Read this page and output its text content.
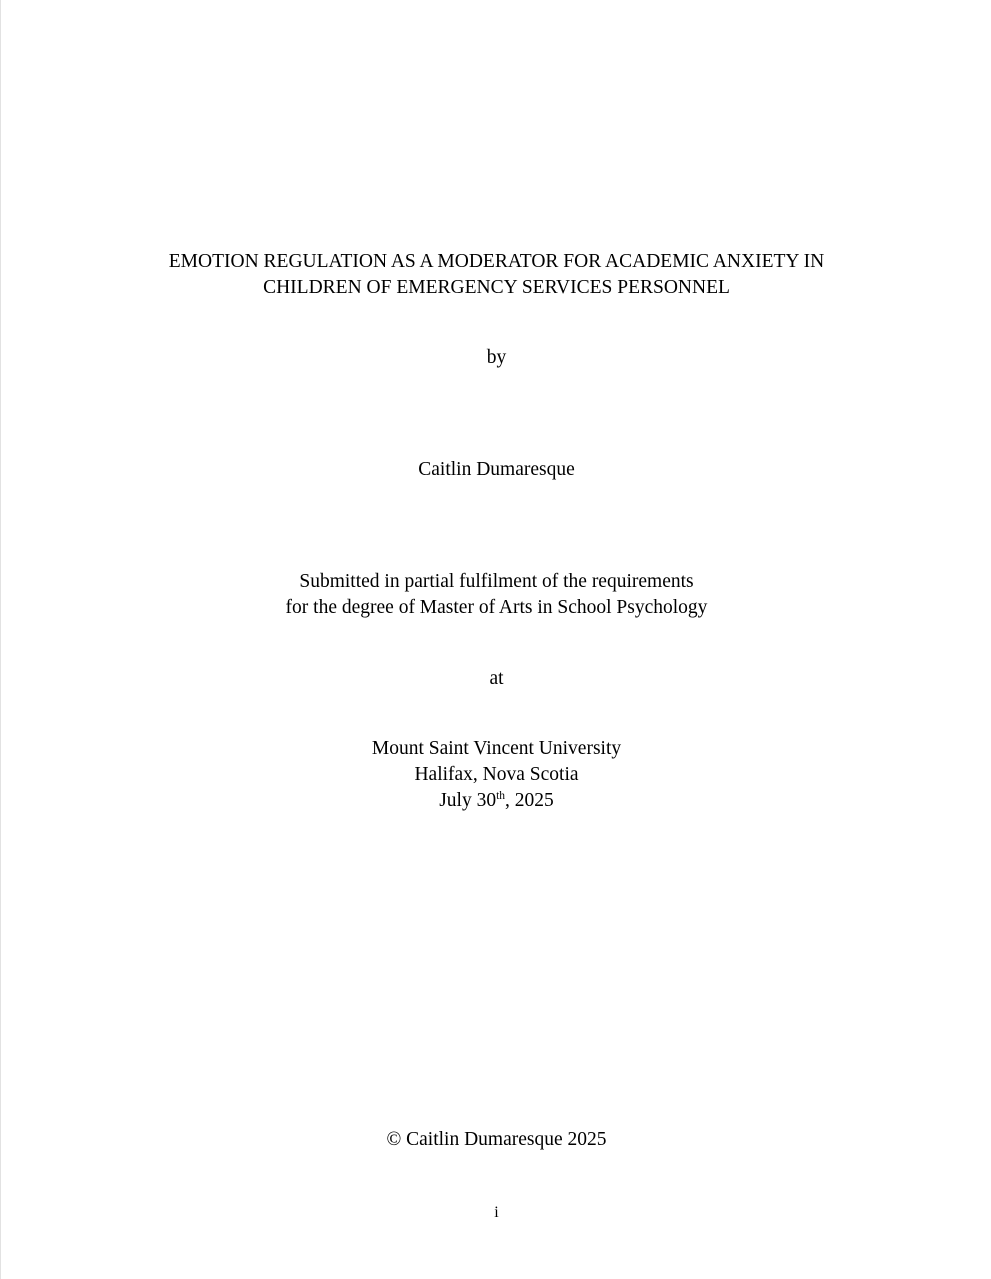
EMOTION REGULATION AS A MODERATOR FOR ACADEMIC ANXIETY IN
CHILDREN OF EMERGENCY SERVICES PERSONNEL
by
Caitlin Dumaresque
Submitted in partial fulfilment of the requirements
for the degree of Master of Arts in School Psychology
at
Mount Saint Vincent University
Halifax, Nova Scotia
July 30th, 2025
© Caitlin Dumaresque 2025
i
